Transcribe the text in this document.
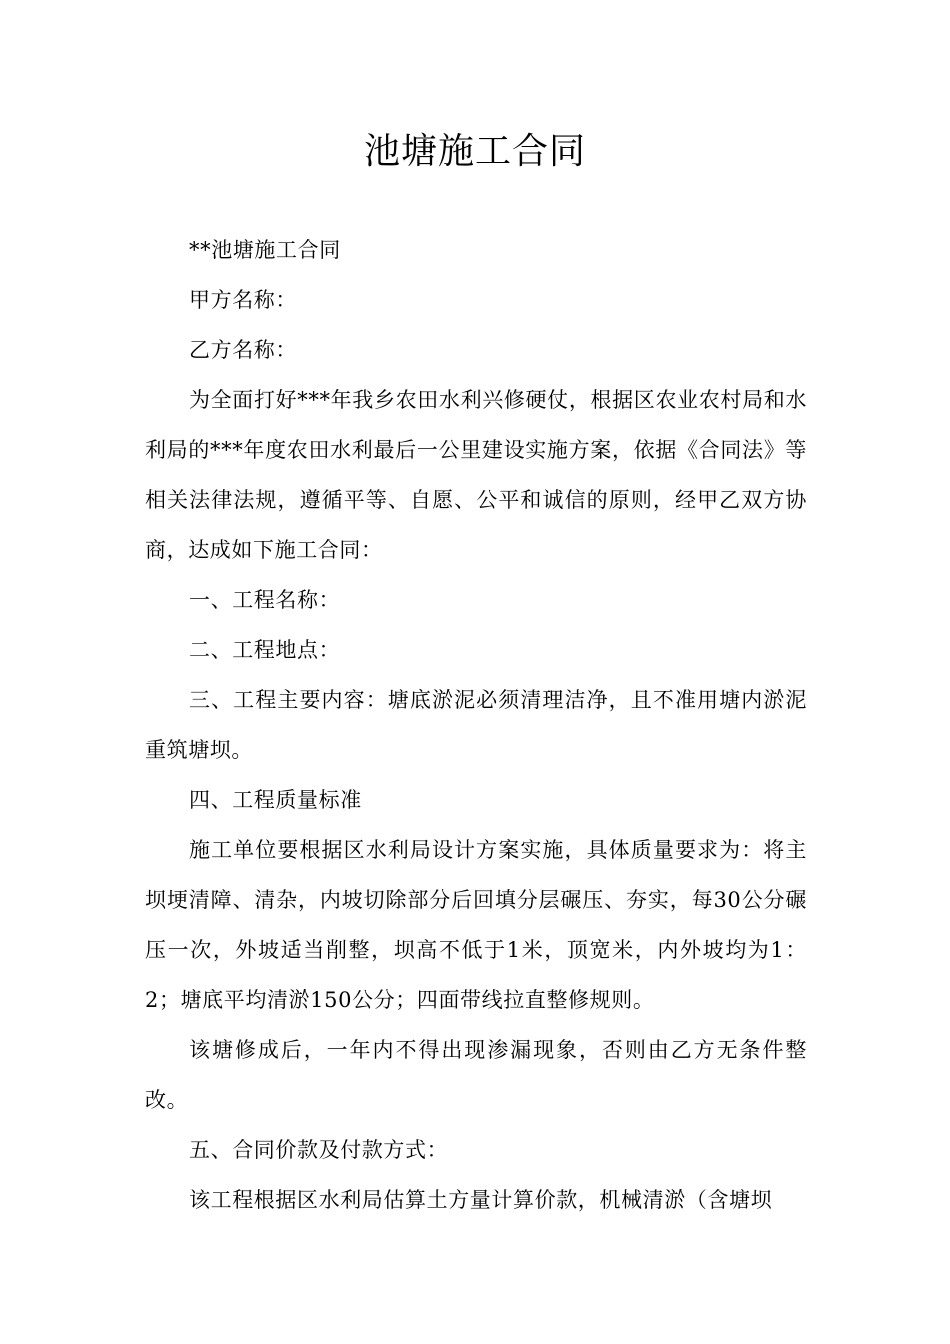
池塘施工合同

**池塘施工合同

甲方名称：

乙方名称：

为全面打好***年我乡农田水利兴修硬仗，根据区农业农村局和水利局的***年度农田水利最后一公里建设实施方案，依据《合同法》等相关法律法规，遵循平等、自愿、公平和诚信的原则，经甲乙双方协商，达成如下施工合同：

一、工程名称：

二、工程地点：

三、工程主要内容：塘底淤泥必须清理洁净，且不准用塘内淤泥重筑塘坝。

四、工程质量标准

施工单位要根据区水利局设计方案实施，具体质量要求为：将主坝埂清障、清杂，内坡切除部分后回填分层碾压、夯实，每30公分碾压一次，外坡适当削整，坝高不低于1米，顶宽米，内外坡均为1：2；塘底平均清淤150公分；四面带线拉直整修规则。

该塘修成后，一年内不得出现渗漏现象，否则由乙方无条件整改。

五、合同价款及付款方式：

该工程根据区水利局估算土方量计算价款，机械清淤（含塘坝
